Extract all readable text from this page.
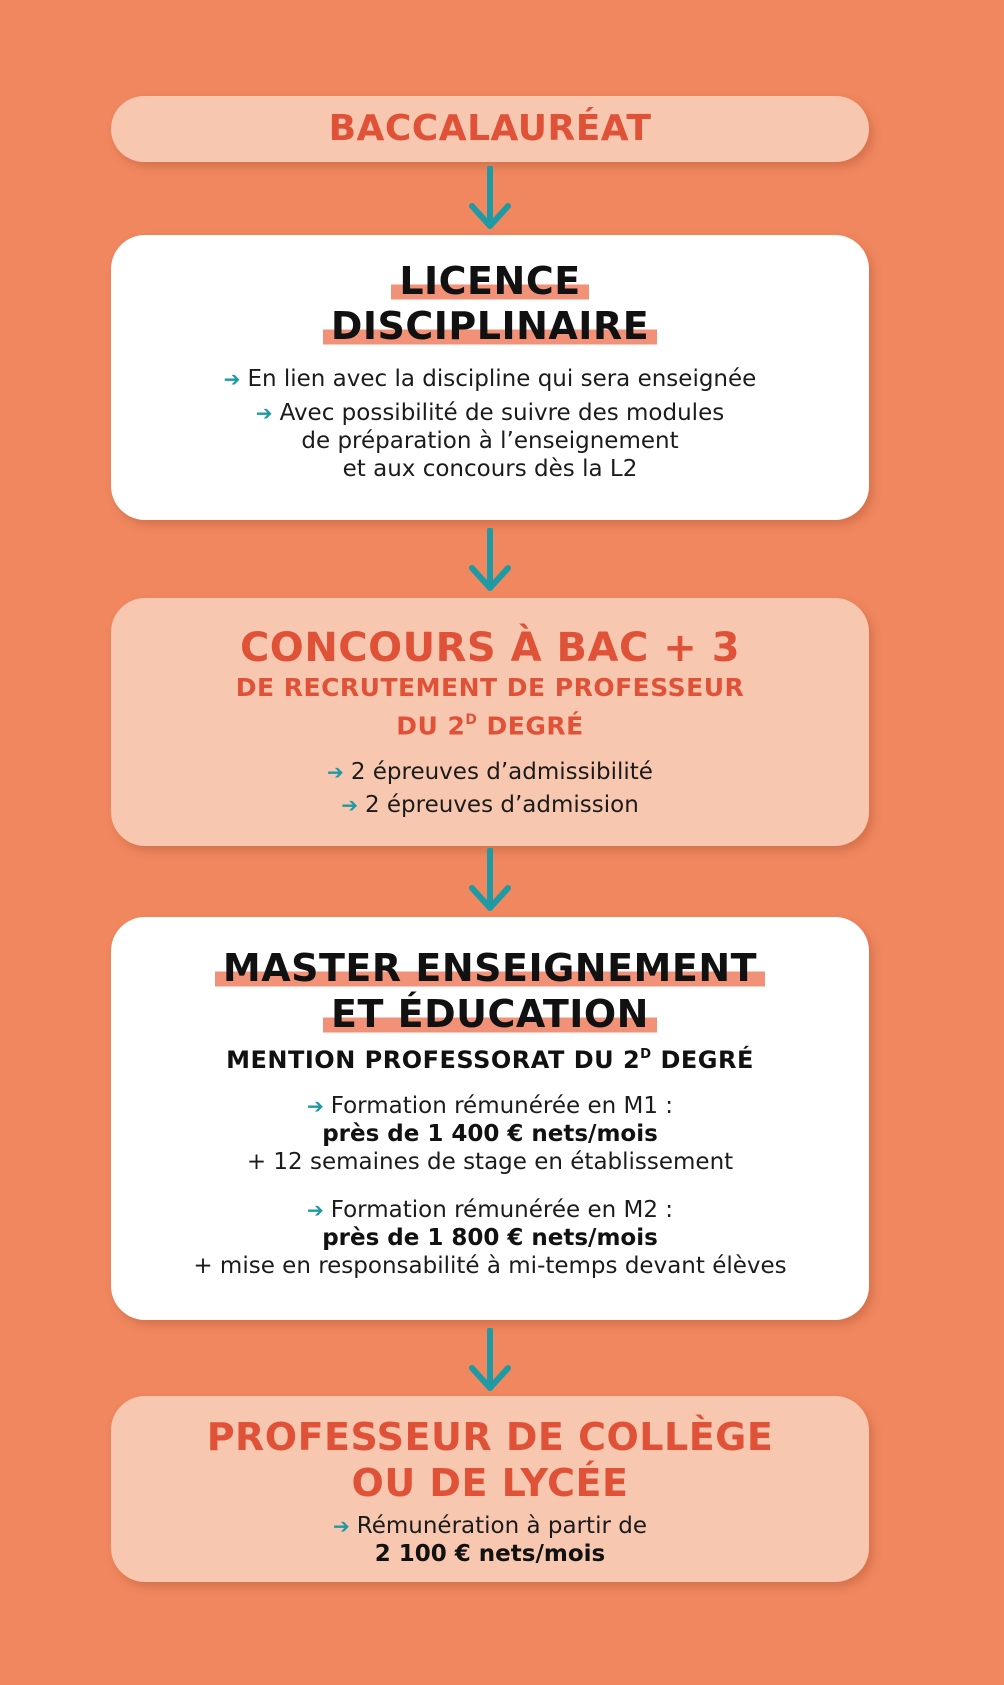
BACCALAURÉAT

LICENCE
DISCIPLINAIRE

➔ En lien avec la discipline qui sera enseignée

➔ Avec possibilité de suivre des modules
de préparation à l’enseignement
et aux concours dès la L2

CONCOURS À BAC + 3

DE RECRUTEMENT DE PROFESSEUR
DU $2^D$ DEGRÉ

➔ 2 épreuves d’admissibilité

➔ 2 épreuves d’admission

MASTER ENSEIGNEMENT
ET ÉDUCATION

MENTION PROFESSORAT DU $2^D$ DEGRÉ

➔ Formation rémunérée en M1 :
près de 1 400 € nets/mois
+ 12 semaines de stage en établissement

➔ Formation rémunérée en M2 :
près de 1 800 € nets/mois
+ mise en responsabilité à mi-temps devant élèves

PROFESSEUR DE COLLÈGE
OU DE LYCÉE

➔ Rémunération à partir de
2 100 € nets/mois
